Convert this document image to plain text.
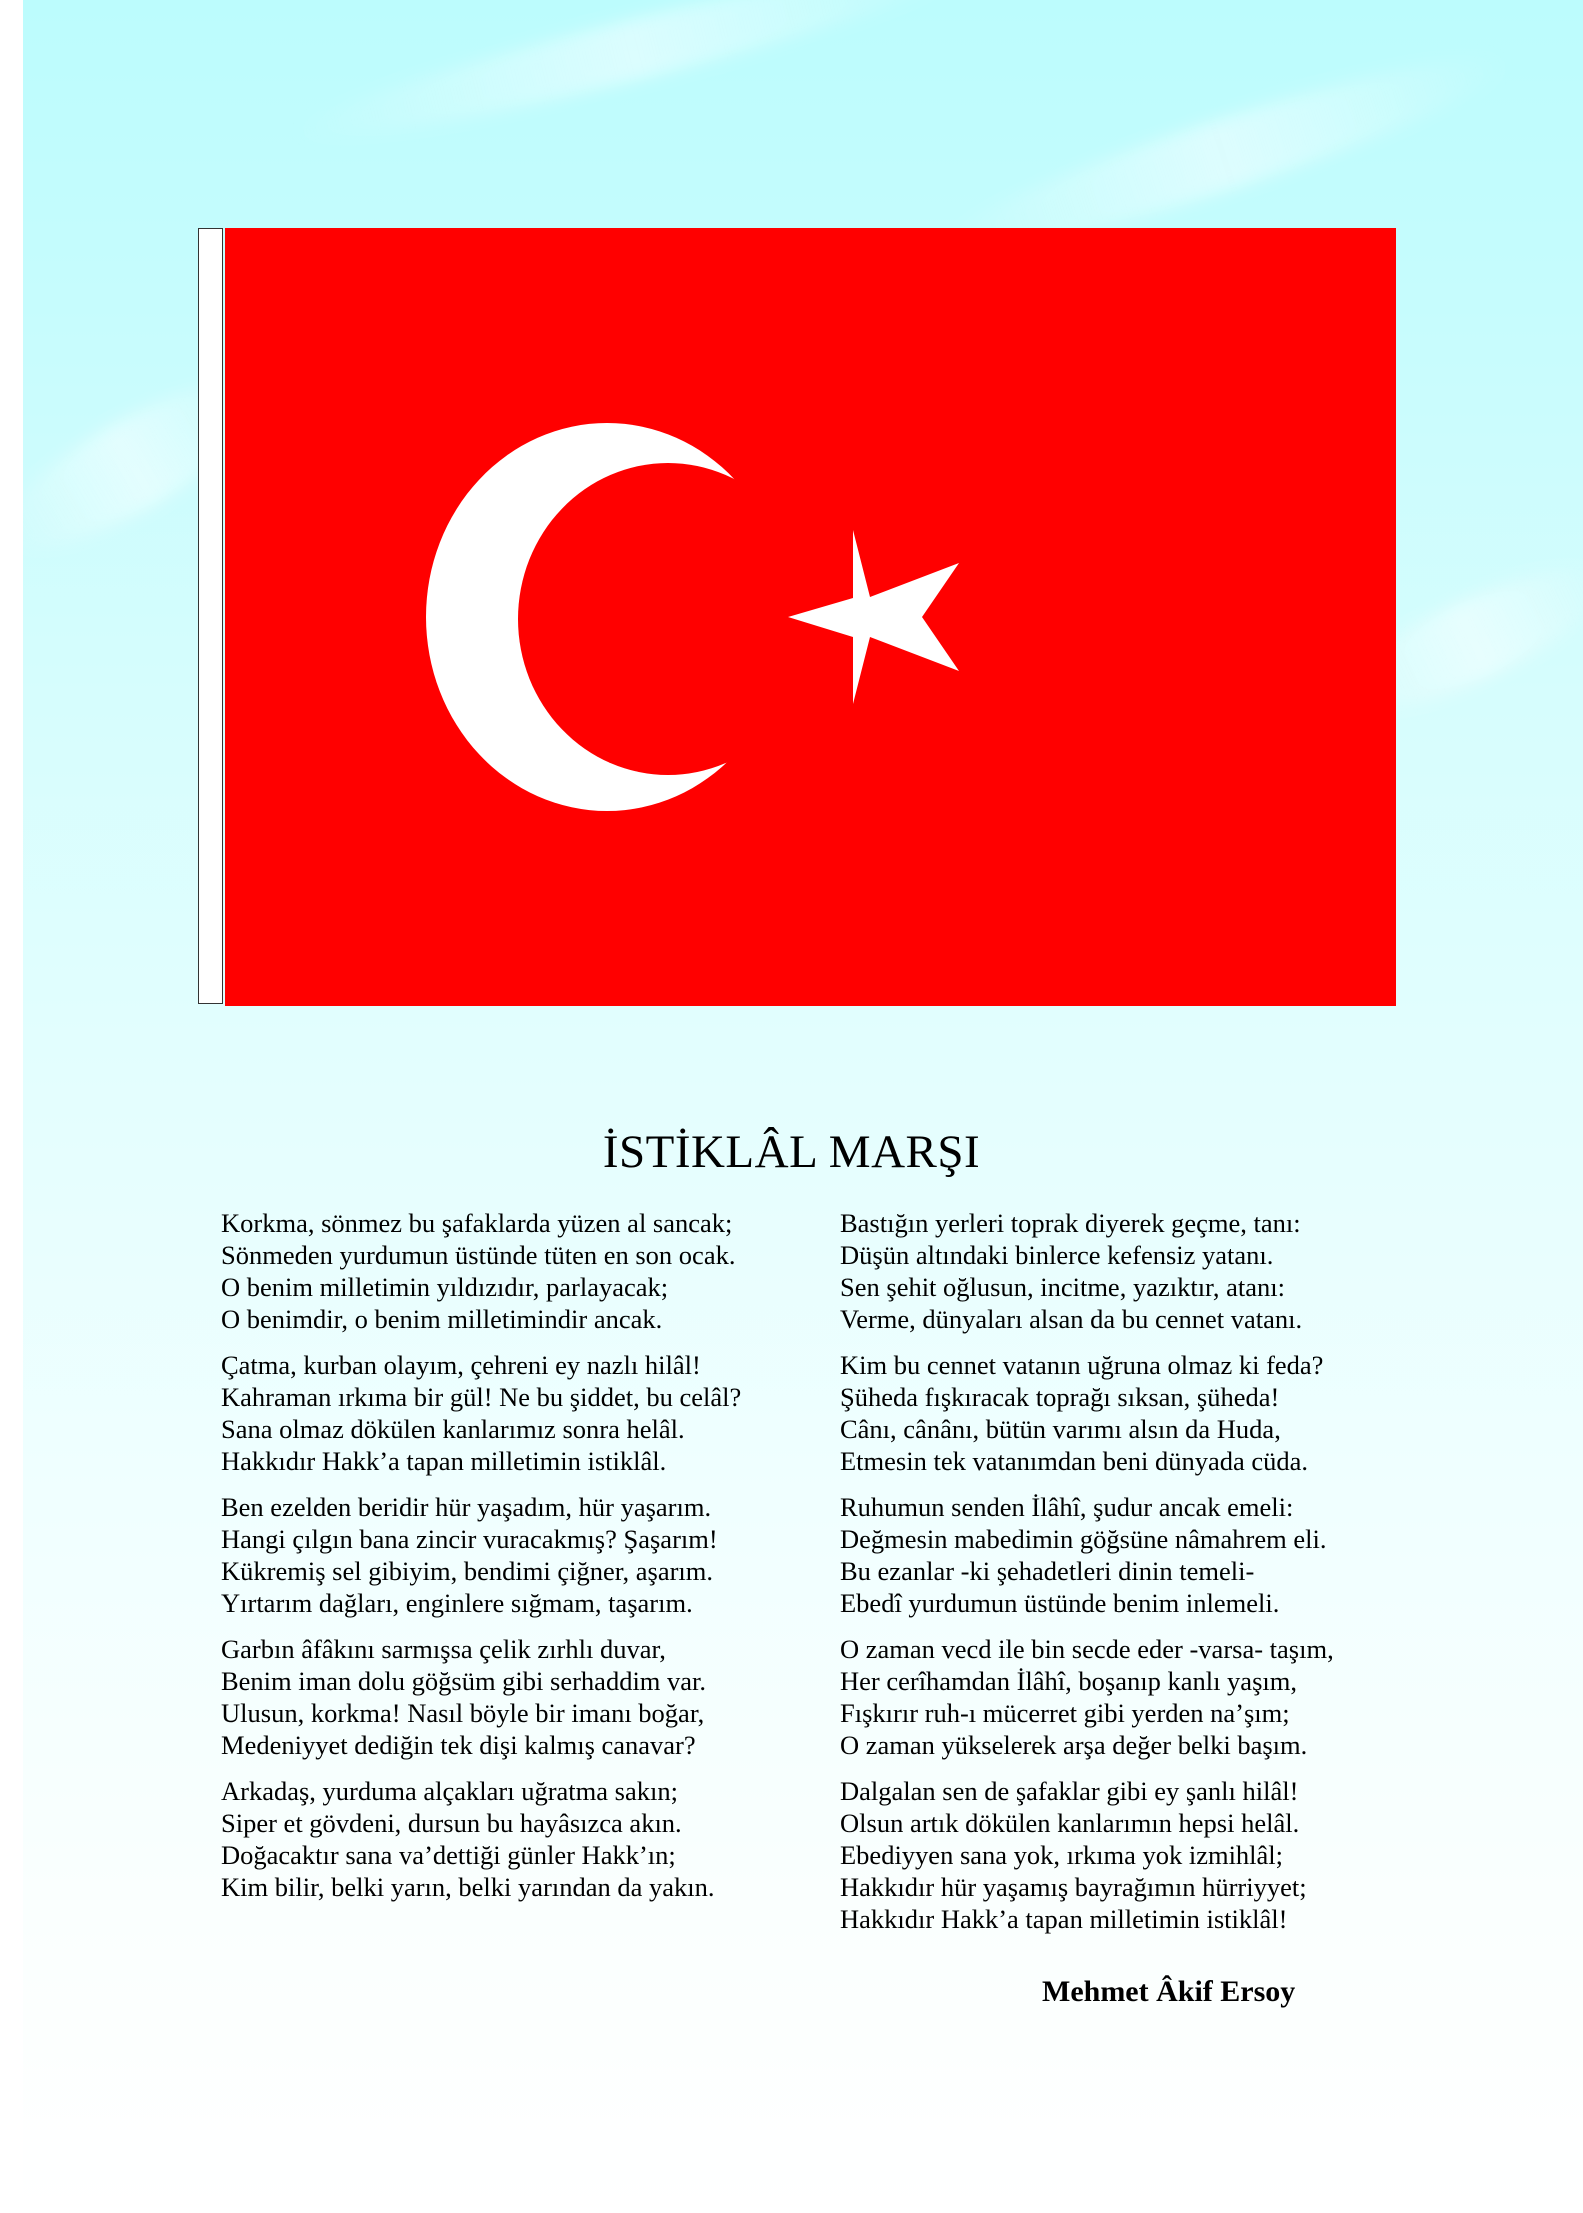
İSTİKLÂL MARŞI
Korkma, sönmez bu şafaklarda yüzen al sancak;
Sönmeden yurdumun üstünde tüten en son ocak.
O benim milletimin yıldızıdır, parlayacak;
O benimdir, o benim milletimindir ancak.
Çatma, kurban olayım, çehreni ey nazlı hilâl!
Kahraman ırkıma bir gül! Ne bu şiddet, bu celâl?
Sana olmaz dökülen kanlarımız sonra helâl.
Hakkıdır Hakk’a tapan milletimin istiklâl.
Ben ezelden beridir hür yaşadım, hür yaşarım.
Hangi çılgın bana zincir vuracakmış? Şaşarım!
Kükremiş sel gibiyim, bendimi çiğner, aşarım.
Yırtarım dağları, enginlere sığmam, taşarım.
Garbın âfâkını sarmışsa çelik zırhlı duvar,
Benim iman dolu göğsüm gibi serhaddim var.
Ulusun, korkma! Nasıl böyle bir imanı boğar,
Medeniyyet dediğin tek dişi kalmış canavar?
Arkadaş, yurduma alçakları uğratma sakın;
Siper et gövdeni, dursun bu hayâsızca akın.
Doğacaktır sana va’dettiği günler Hakk’ın;
Kim bilir, belki yarın, belki yarından da yakın.
Bastığın yerleri toprak diyerek geçme, tanı:
Düşün altındaki binlerce kefensiz yatanı.
Sen şehit oğlusun, incitme, yazıktır, atanı:
Verme, dünyaları alsan da bu cennet vatanı.
Kim bu cennet vatanın uğruna olmaz ki feda?
Şüheda fışkıracak toprağı sıksan, şüheda!
Cânı, cânânı, bütün varımı alsın da Huda,
Etmesin tek vatanımdan beni dünyada cüda.
Ruhumun senden İlâhî, şudur ancak emeli:
Değmesin mabedimin göğsüne nâmahrem eli.
Bu ezanlar -ki şehadetleri dinin temeli-
Ebedî yurdumun üstünde benim inlemeli.
O zaman vecd ile bin secde eder -varsa- taşım,
Her cerîhamdan İlâhî, boşanıp kanlı yaşım,
Fışkırır ruh-ı mücerret gibi yerden na’şım;
O zaman yükselerek arşa değer belki başım.
Dalgalan sen de şafaklar gibi ey şanlı hilâl!
Olsun artık dökülen kanlarımın hepsi helâl.
Ebediyyen sana yok, ırkıma yok izmihlâl;
Hakkıdır hür yaşamış bayrağımın hürriyyet;
Hakkıdır Hakk’a tapan milletimin istiklâl!
Mehmet Âkif Ersoy
